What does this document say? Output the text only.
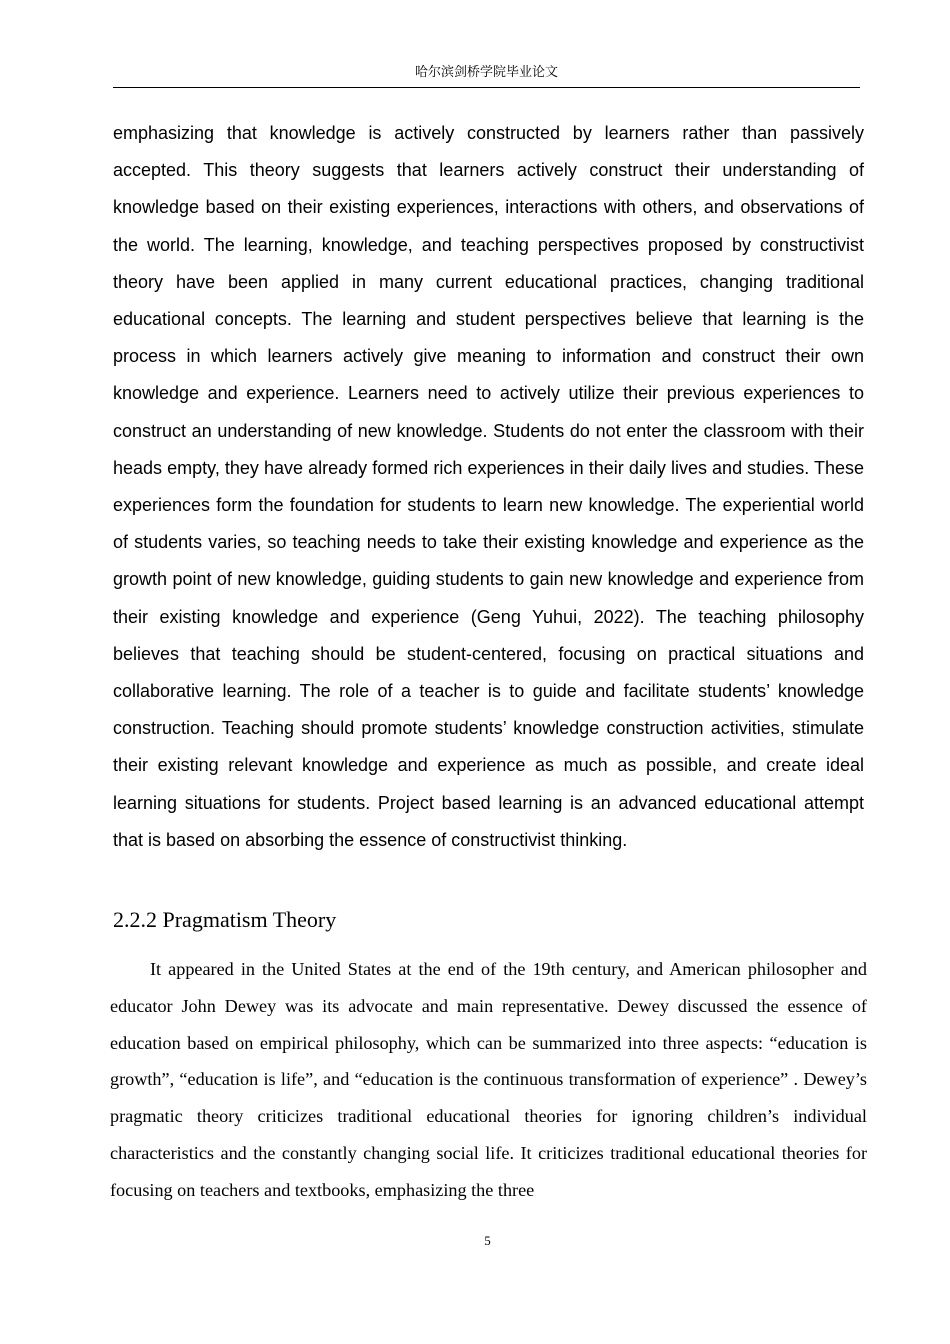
哈尔滨剑桥学院毕业论文

emphasizing that knowledge is actively constructed by learners rather than passively accepted. This theory suggests that learners actively construct their understanding of knowledge based on their existing experiences, interactions with others, and observations of the world. The learning, knowledge, and teaching perspectives proposed by constructivist theory have been applied in many current educational practices, changing traditional educational concepts. The learning and student perspectives believe that learning is the process in which learners actively give meaning to information and construct their own knowledge and experience. Learners need to actively utilize their previous experiences to construct an understanding of new knowledge. Students do not enter the classroom with their heads empty, they have already formed rich experiences in their daily lives and studies. These experiences form the foundation for students to learn new knowledge. The experiential world of students varies, so teaching needs to take their existing knowledge and experience as the growth point of new knowledge, guiding students to gain new knowledge and experience from their existing knowledge and experience (Geng Yuhui, 2022). The teaching philosophy believes that teaching should be student-centered, focusing on practical situations and collaborative learning. The role of a teacher is to guide and facilitate students’ knowledge construction. Teaching should promote students’ knowledge construction activities, stimulate their existing relevant knowledge and experience as much as possible, and create ideal learning situations for students. Project based learning is an advanced educational attempt that is based on absorbing the essence of constructivist thinking.

2.2.2 Pragmatism Theory

It appeared in the United States at the end of the 19th century, and American philosopher and educator John Dewey was its advocate and main representative. Dewey discussed the essence of education based on empirical philosophy, which can be summarized into three aspects: “education is growth”, “education is life”, and “education is the continuous transformation of experience” . Dewey’s pragmatic theory criticizes traditional educational theories for ignoring children’s individual characteristics and the constantly changing social life. It criticizes traditional educational theories for focusing on teachers and textbooks, emphasizing the three

5
